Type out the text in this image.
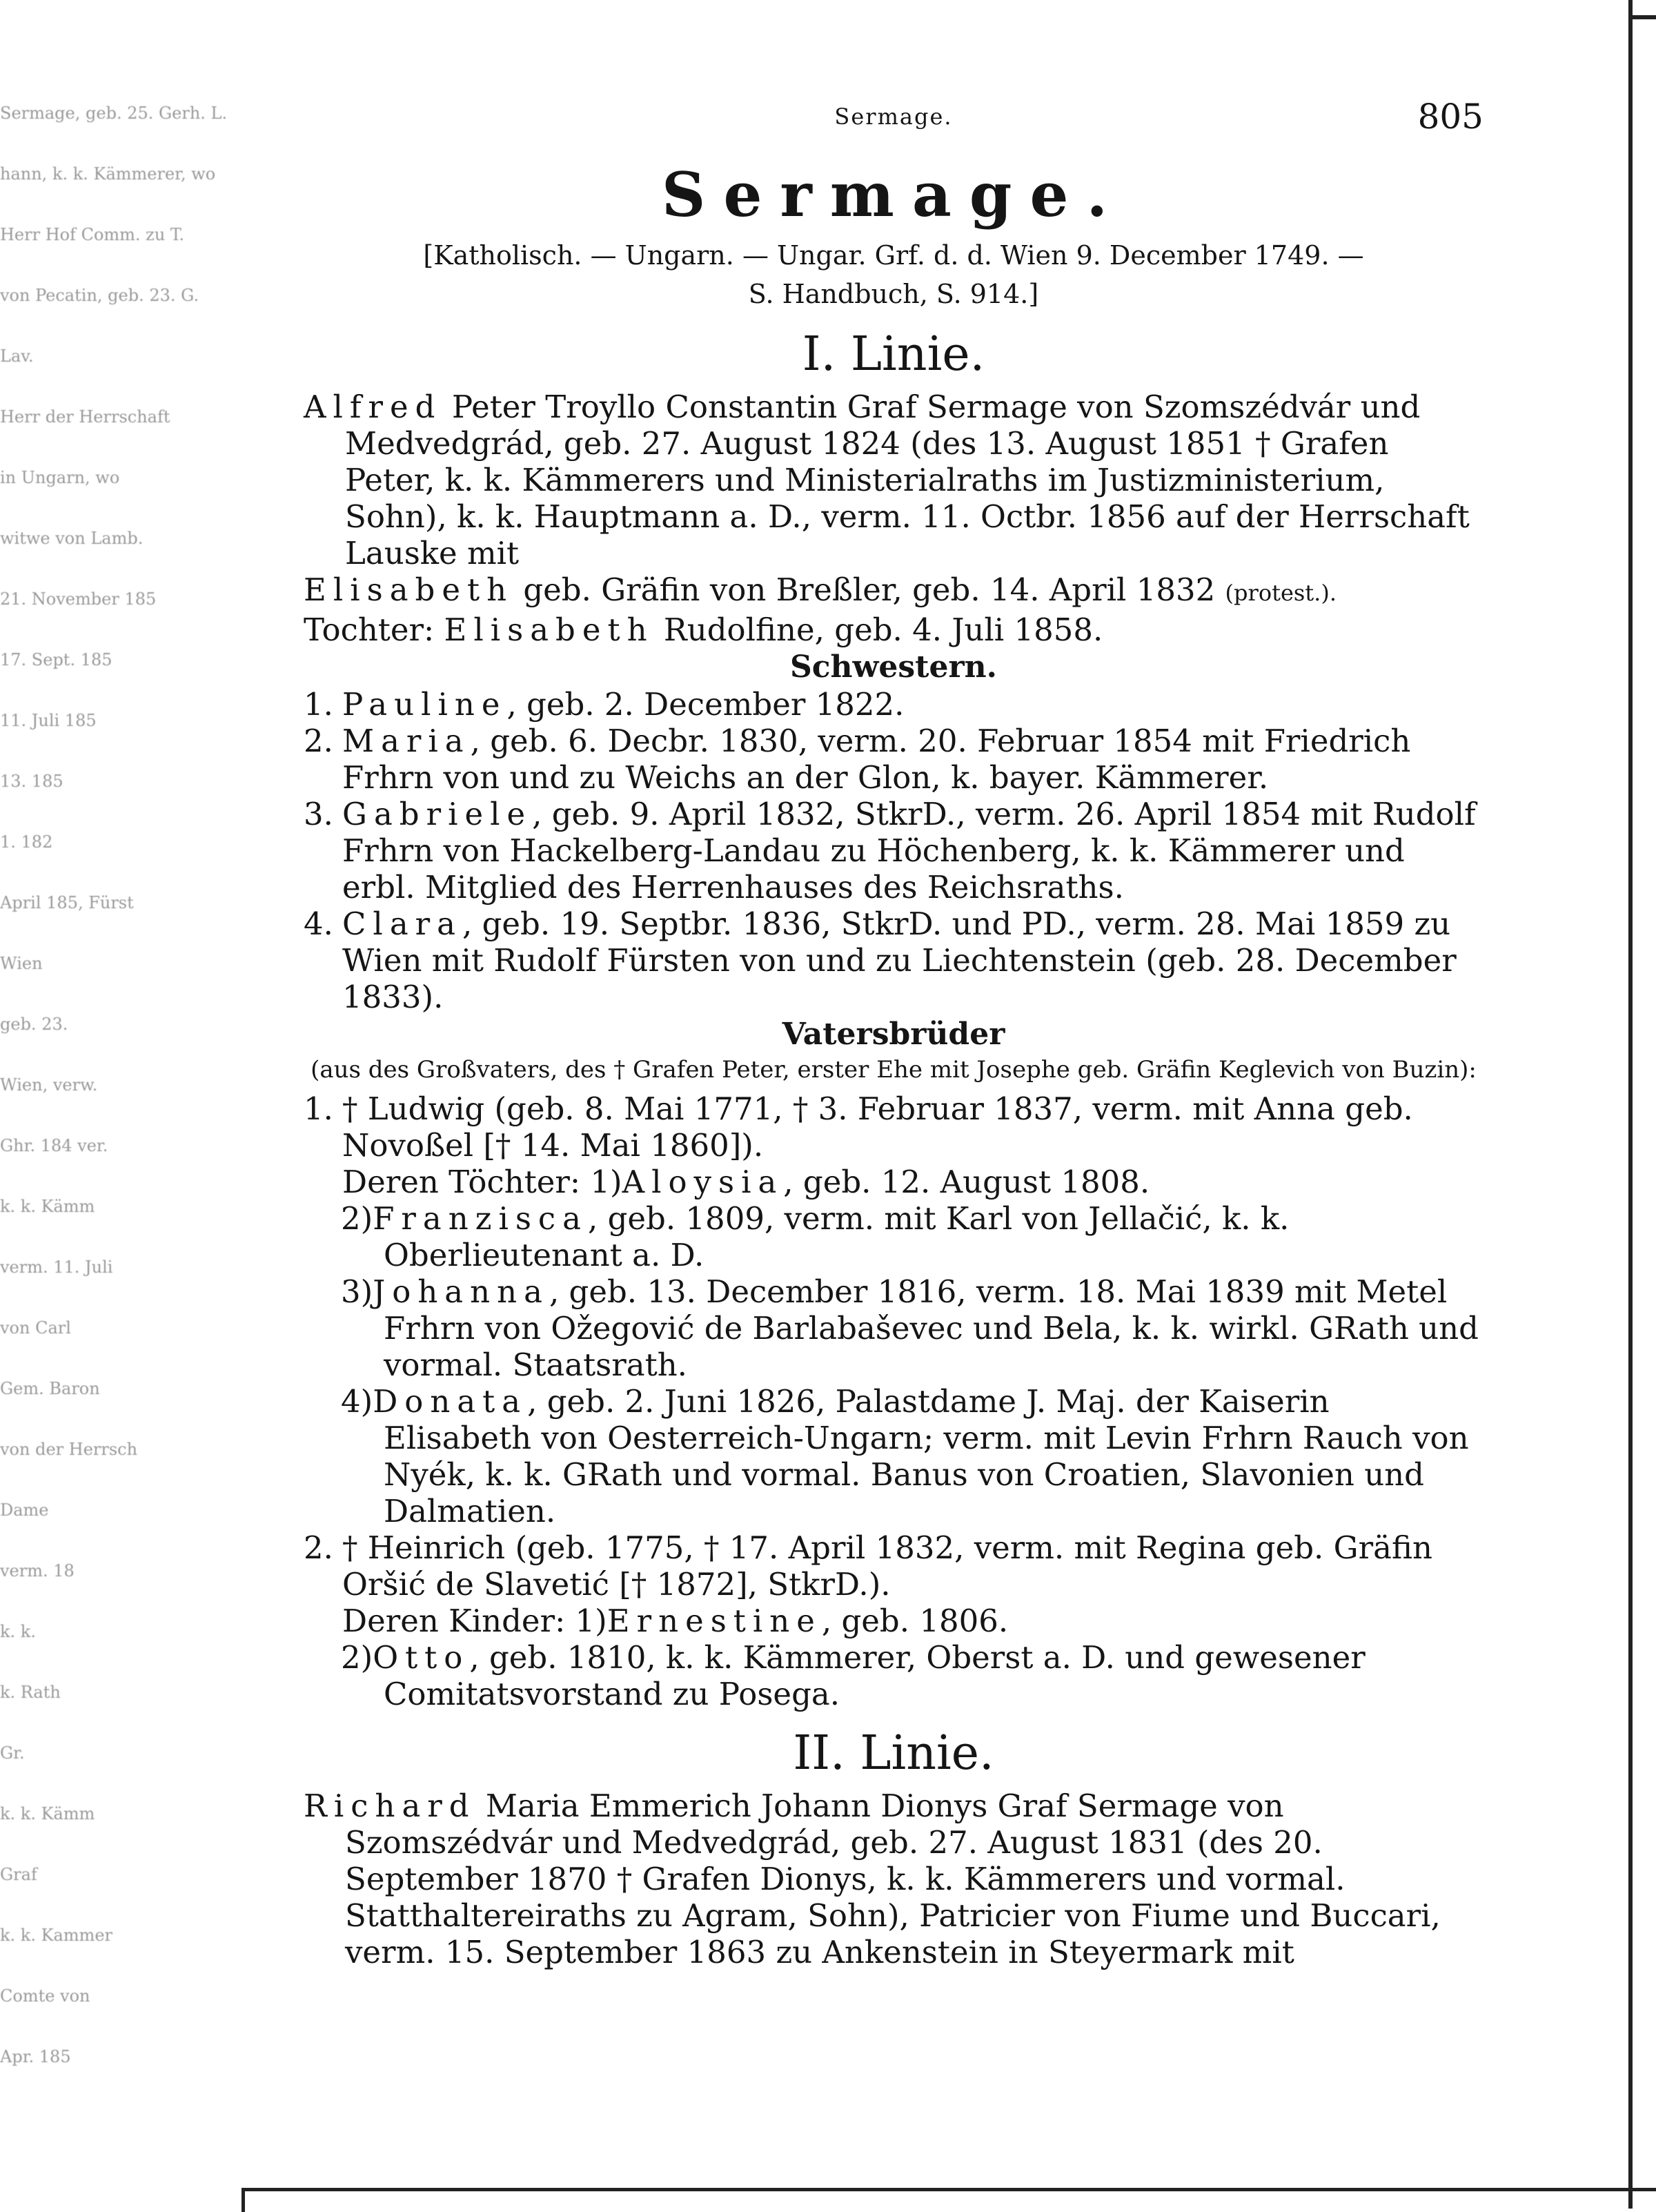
Sermage, geb. 25. Gerh. L.
hann, k. k. Kämmerer, wo
Herr Hof Comm. zu T.
von Pecatin, geb. 23. G.
Lav.
Herr der Herrschaft
in Ungarn, wo
witwe von Lamb.
21. November 185
17. Sept. 185
11. Juli 185
13. 185
1. 182
April 185, Fürst
Wien
geb. 23.
Wien, verw.
Ghr. 184 ver.
k. k. Kämm
verm. 11. Juli
von Carl
Gem. Baron
von der Herrsch
Dame
verm. 18
k. k.
k. Rath
Gr.
k. k. Kämm
Graf
k. k. Kammer
Comte von
Apr. 185
Sermage.	805
Sermage.
[Katholisch. — Ungarn. — Ungar. Grf. d. d. Wien 9. December 1749. —
S. Handbuch, S. 914.]
I. Linie.
Alfred Peter Troyllo Constantin Graf Sermage von Szomszédvár und Medvedgrád, geb. 27. August 1824 (des 13. August 1851 † Grafen Peter, k. k. Kämmerers und Ministerialraths im Justizministerium, Sohn), k. k. Hauptmann a. D., verm. 11. Octbr. 1856 auf der Herrschaft Lauske mit
Elisabeth geb. Gräfin von Breßler, geb. 14. April 1832 (protest.).
Tochter: Elisabeth Rudolfine, geb. 4. Juli 1858.
Schwestern.
1. Pauline, geb. 2. December 1822.
2. Maria, geb. 6. Decbr. 1830, verm. 20. Februar 1854 mit Friedrich Frhrn von und zu Weichs an der Glon, k. bayer. Kämmerer.
3. Gabriele, geb. 9. April 1832, StkrD., verm. 26. April 1854 mit Rudolf Frhrn von Hackelberg-Landau zu Höchenberg, k. k. Kämmerer und erbl. Mitglied des Herrenhauses des Reichsraths.
4. Clara, geb. 19. Septbr. 1836, StkrD. und PD., verm. 28. Mai 1859 zu Wien mit Rudolf Fürsten von und zu Liechtenstein (geb. 28. December 1833).
Vatersbrüder
(aus des Großvaters, des † Grafen Peter, erster Ehe mit Josephe geb. Gräfin Keglevich von Buzin):
1. † Ludwig (geb. 8. Mai 1771, † 3. Februar 1837, verm. mit Anna geb. Novoßel [† 14. Mai 1860]).
Deren Töchter: 1)Aloysia, geb. 12. August 1808.
2)Franzisca, geb. 1809, verm. mit Karl von Jellačić, k. k. Oberlieutenant a. D.
3)Johanna, geb. 13. December 1816, verm. 18. Mai 1839 mit Metel Frhrn von Ožegović de Barlabaševec und Bela, k. k. wirkl. GRath und vormal. Staatsrath.
4)Donata, geb. 2. Juni 1826, Palastdame J. Maj. der Kaiserin Elisabeth von Oesterreich-Ungarn; verm. mit Levin Frhrn Rauch von Nyék, k. k. GRath und vormal. Banus von Croatien, Slavonien und Dalmatien.
2. † Heinrich (geb. 1775, † 17. April 1832, verm. mit Regina geb. Gräfin Oršić de Slavetić [† 1872], StkrD.).
Deren Kinder: 1)Ernestine, geb. 1806.
2)Otto, geb. 1810, k. k. Kämmerer, Oberst a. D. und gewesener Comitatsvorstand zu Posega.
II. Linie.
Richard Maria Emmerich Johann Dionys Graf Sermage von Szomszédvár und Medvedgrád, geb. 27. August 1831 (des 20. September 1870 † Grafen Dionys, k. k. Kämmerers und vormal. Statthaltereiraths zu Agram, Sohn), Patricier von Fiume und Buccari, verm. 15. September 1863 zu Ankenstein in Steyermark mit
